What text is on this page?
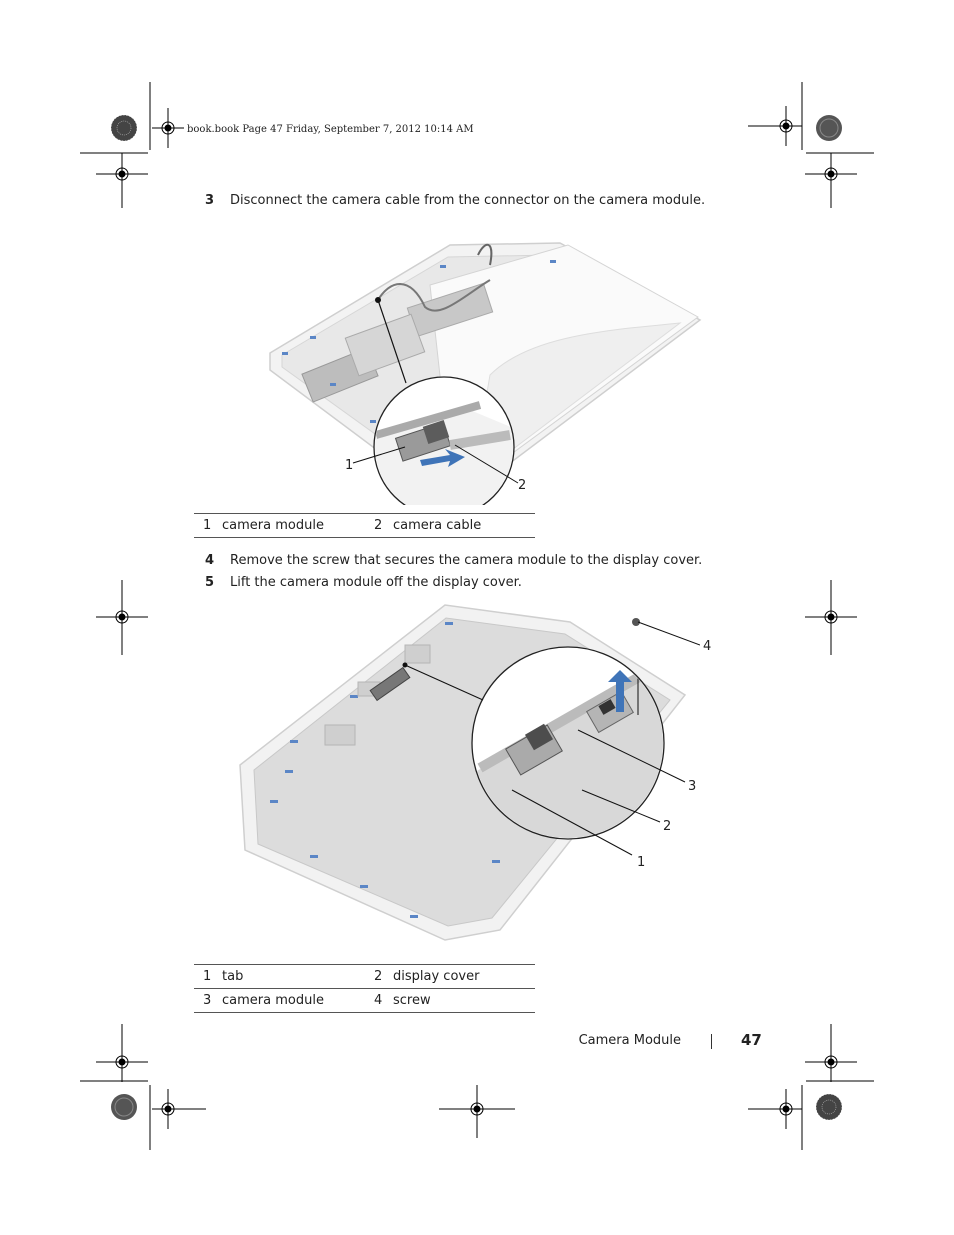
book.book Page 47 Friday, September 7, 2012 10:14 AM
3 Disconnect the camera cable from the connector on the camera module.
1
2
1	camera module	2	camera cable
4 Remove the screw that secures the camera module to the display cover.
5 Lift the camera module off the display cover.
4
3
2
1
1	tab	2	display cover
3	camera module	4	screw
Camera Module	47
